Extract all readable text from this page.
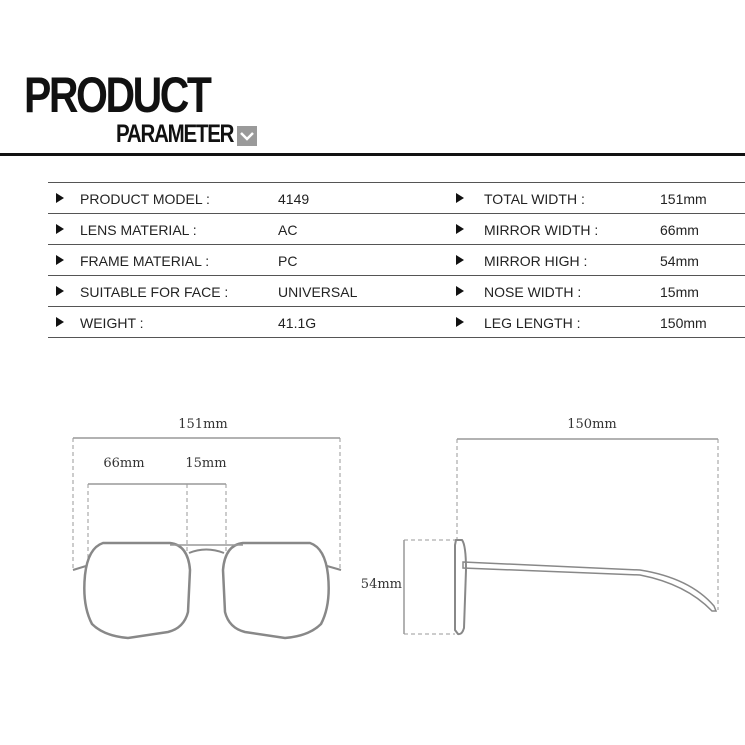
PRODUCT
PARAMETER
PRODUCT MODEL :	4149	TOTAL WIDTH :	151mm
LENS MATERIAL :	AC	MIRROR WIDTH :	66mm
FRAME MATERIAL :	PC	MIRROR HIGH :	54mm
SUITABLE FOR FACE :	UNIVERSAL	NOSE WIDTH :	15mm
WEIGHT :	41.1G	LEG LENGTH :	150mm
151mm
66mm	15mm
150mm
54mm
